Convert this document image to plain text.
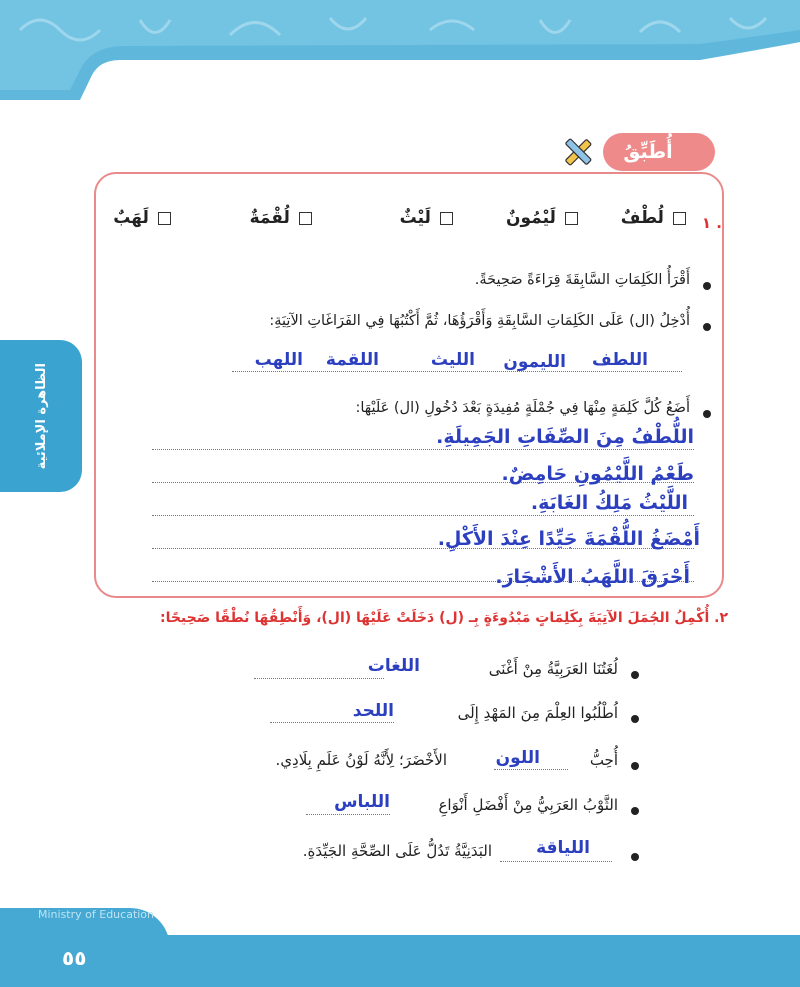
الظاهرة الإملائية
أُطَبِّقُ
١ .
لُطْفٌ
لَيْمُونٌ
لَيْثٌ
لُقْمَةٌ
لَهَبٌ
أَقْرَأُ الكَلِمَاتِ السَّابِقَةَ قِرَاءَةً صَحِيحَةً.
أُدْخِلُ (ال) عَلَى الكَلِمَاتِ السَّابِقَةِ وَأَقْرَؤُهَا، ثُمَّ أَكْتُبُهَا فِي الفَرَاغَاتِ الآتِيَةِ:
اللطف
الليمون
الليث
اللقمة
اللهب
أَضَعُ كُلَّ كَلِمَةٍ مِنْهَا فِي جُمْلَةٍ مُفِيدَةٍ بَعْدَ دُخُولِ (ال) عَلَيْهَا:
اللُّطْفُ مِنَ الصِّفَاتِ الجَمِيلَةِ.
طَعْمُ اللَّيْمُونِ حَامِضٌ.
اللَّيْثُ مَلِكُ الغَابَةِ.
أَمْضَغُ اللُّقْمَةَ جَيِّدًا عِنْدَ الأَكْلِ.
أَحْرَقَ اللَّهَبُ الأَشْجَارَ.
٢. أُكْمِلُ الجُمَلَ الآتِيَةَ بِكَلِمَاتٍ مَبْدُوءَةٍ بِـ (ل) دَخَلَتْ عَلَيْهَا (ال)، وَأَنْطِقُهَا نُطْقًا صَحِيحًا:
لُغَتُنَا العَرَبِيَّةُ مِنْ أَغْنَى
اللغات
اُطْلُبُوا العِلْمَ مِنَ المَهْدِ إِلَى
اللحد
أُحِبُّ
اللون
الأَخْضَرَ؛ لِأَنَّهُ لَوْنُ عَلَمِ بِلَادِي.
الثَّوْبُ العَرَبِيُّ مِنْ أَفْضَلِ أَنْوَاعِ
اللباس
اللياقة
البَدَنِيَّةُ تَدُلُّ عَلَى الصِّحَّةِ الجَيِّدَةِ.
Ministry of Education
٥٥
